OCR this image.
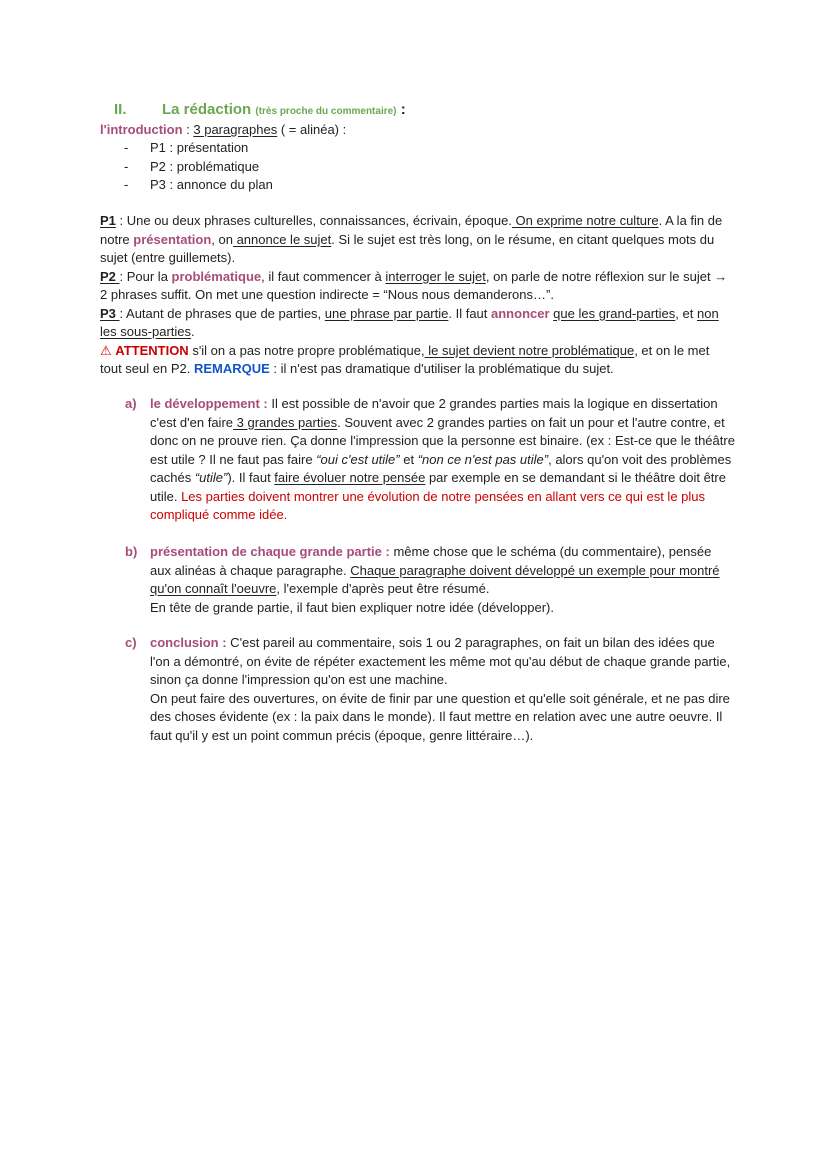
II. La rédaction (très proche du commentaire) :
l'introduction : 3 paragraphes ( = alinéa) :
- P1 : présentation
- P2 : problématique
- P3 : annonce du plan
P1 : Une ou deux phrases culturelles, connaissances, écrivain, époque. On exprime notre culture. A la fin de notre présentation, on annonce le sujet. Si le sujet est très long, on le résume, en citant quelques mots du sujet (entre guillemets).
P2 : Pour la problématique, il faut commencer à interroger le sujet, on parle de notre réflexion sur le sujet → 2 phrases suffit. On met une question indirecte = “Nous nous demanderons…”.
P3 : Autant de phrases que de parties, une phrase par partie. Il faut annoncer que les grand-parties, et non les sous-parties.
⚠ ATTENTION s'il on a pas notre propre problématique, le sujet devient notre problématique, et on le met tout seul en P2. REMARQUE : il n'est pas dramatique d'utiliser la problématique du sujet.
a) le développement : Il est possible de n'avoir que 2 grandes parties mais la logique en dissertation c'est d'en faire 3 grandes parties. Souvent avec 2 grandes parties on fait un pour et l'autre contre, et donc on ne prouve rien. Ça donne l'impression que la personne est binaire. (ex : Est-ce que le théâtre est utile ? Il ne faut pas faire “oui c'est utile” et “non ce n'est pas utile”, alors qu'on voit des problèmes cachés “utile”). Il faut faire évoluer notre pensée par exemple en se demandant si le théâtre doit être utile. Les parties doivent montrer une évolution de notre pensées en allant vers ce qui est le plus compliqué comme idée.
b) présentation de chaque grande partie : même chose que le schéma (du commentaire), pensée aux alinéas à chaque paragraphe. Chaque paragraphe doivent développé un exemple pour montré qu'on connaît l'oeuvre, l'exemple d'après peut être résumé.
En tête de grande partie, il faut bien expliquer notre idée (développer).
c) conclusion : C'est pareil au commentaire, sois 1 ou 2 paragraphes, on fait un bilan des idées que l'on a démontré, on évite de répéter exactement les même mot qu'au début de chaque grande partie, sinon ça donne l'impression qu'on est une machine.
On peut faire des ouvertures, on évite de finir par une question et qu'elle soit générale, et ne pas dire des choses évidente (ex : la paix dans le monde). Il faut mettre en relation avec une autre oeuvre. Il faut qu'il y est un point commun précis (époque, genre littéraire…).
